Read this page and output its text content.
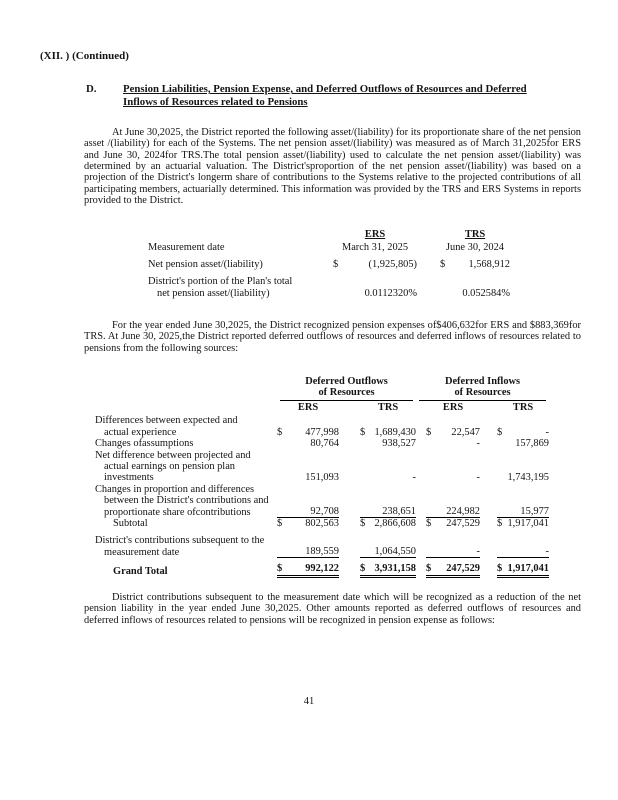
(XII. ) (Continued)
D. Pension Liabilities, Pension Expense, and Deferred Outflows of Resources and Deferred
Inflows of Resources related to Pensions

At June 30,2025, the District reported the following asset/(liability) for its proportionate share of the net pension asset /(liability) for each of the Systems. The net pension asset/(liability) was measured as of March 31,2025for ERS and June 30, 2024for TRS.The total pension asset/(liability) used to calculate the net pension asset/(liability) was determined by an actuarial valuation. The District'sproportion of the net pension asset/(liability) was based on a projection of the District's longerm share of contributions to the Systems relative to the projected contributions of all participating members, actuarially determined. This information was provided by the TRS and ERS Systems in reports provided to the District.

	ERS	TRS
Measurement date	March 31, 2025	June 30, 2024
Net pension asset/(liability)	$ (1,925,805)	$ 1,568,912

District's portion of the Plan's total
net pension asset/(liability)	0.0112320%	0.052584%

For the year ended June 30,2025, the District recognized pension expenses of$406,632for ERS and $883,369for TRS. At June 30, 2025,the District reported deferred outflows of resources and deferred inflows of resources related to pensions from the following sources:

Deferred Outflows
of Resources

Deferred Inflows
of Resources

	ERS	TRS	ERS	TRS

Differences between expected and
actual experience	$ 477,998	$ 1,689,430	$ 22,547	$	-

Changes ofassumptions	80,764	938,527	-	157,869

Net difference between projected and
actual earnings on pension plan
investments	151,093	-	-	1,743,195

Changes in proportion and differences
between the District's contributions and
proportionate share ofcontributions	92,708	238,651	224,982	15,977

Subtotal	$ 802,563	$ 2,866,608	$ 247,529	$ 1,917,041

District's contributions subsequent to the
measurement date	189,559	1,064,550	-	-

Grand Total	$ 992,122	$ 3,931,158	$ 247,529	$ 1,917,041

District contributions subsequent to the measurement date which will be recognized as a reduction of the net pension liability in the year ended June 30,2025. Other amounts reported as deferred outflows of resources and deferred inflows of resources related to pensions will be recognized in pension expense as follows:

41
